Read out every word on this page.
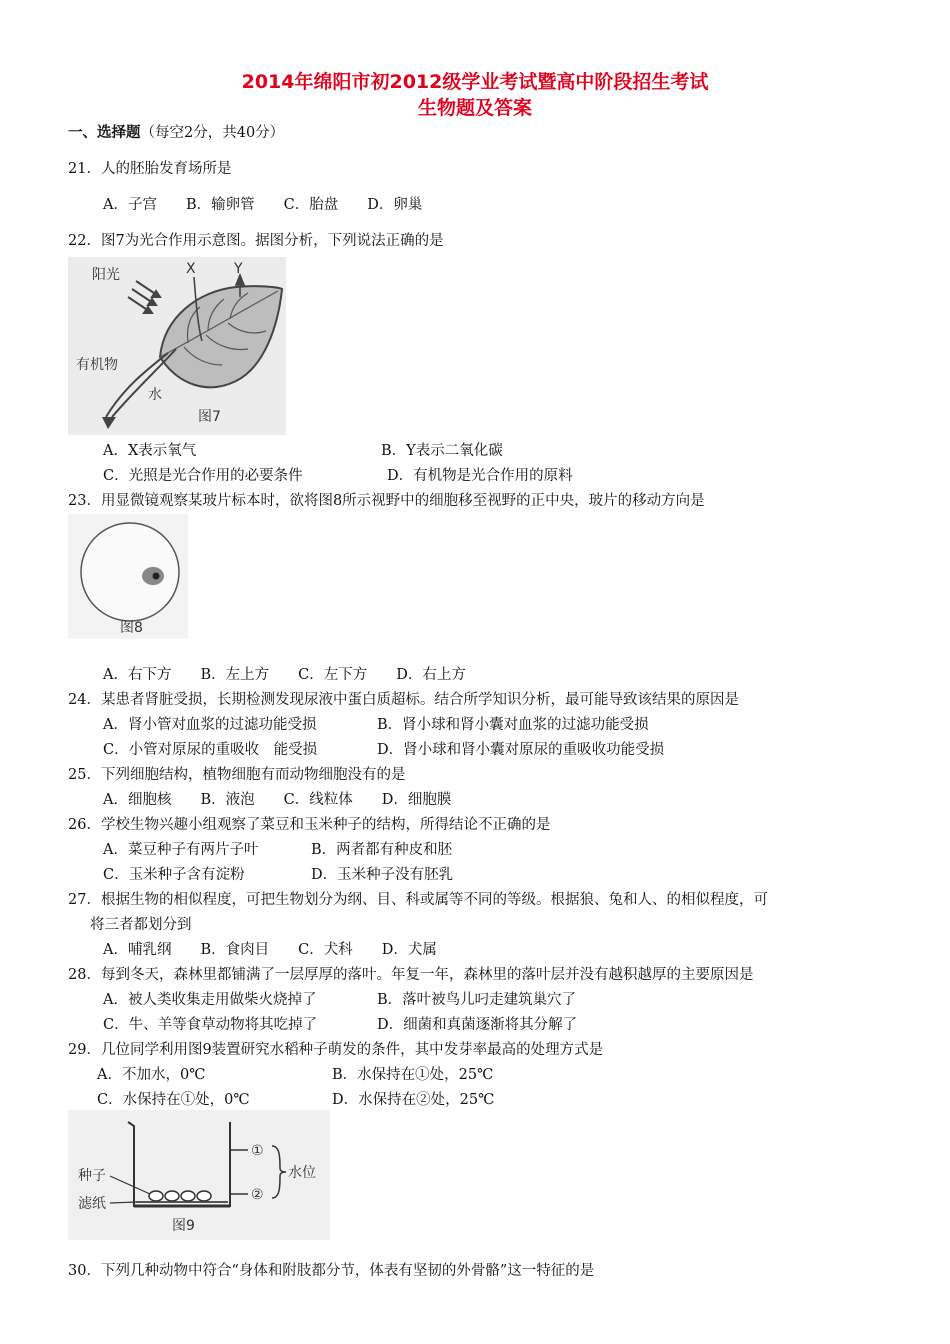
2014年绵阳市初2012级学业考试暨高中阶段招生考试
生物题及答案
一、选择题（每空2分，共40分）
21．人的胚胎发育场所是
A．子宫　　B．输卵管　　C．胎盘　　D．卵巢
22．图7为光合作用示意图。据图分析，下列说法正确的是
阳光	X	Y
有机物
水
图7
A．X表示氧气	B．Y表示二氧化碳
C．光照是光合作用的必要条件	D．有机物是光合作用的原料
23．用显微镜观察某玻片标本时，欲将图8所示视野中的细胞移至视野的正中央，玻片的移动方向是
图8
A．右下方　　B．左上方　　C．左下方　　D．右上方
24．某患者肾脏受损，长期检测发现尿液中蛋白质超标。结合所学知识分析，最可能导致该结果的原因是
A．肾小管对血浆的过滤功能受损	B．肾小球和肾小囊对血浆的过滤功能受损
C．小管对原尿的重吸收　能受损	D．肾小球和肾小囊对原尿的重吸收功能受损
25．下列细胞结构，植物细胞有而动物细胞没有的是
A．细胞核　　B．液泡　　C．线粒体　　D．细胞膜
26．学校生物兴趣小组观察了菜豆和玉米种子的结构，所得结论不正确的是
A．菜豆种子有两片子叶	B．两者都有种皮和胚
C．玉米种子含有淀粉	D．玉米种子没有胚乳
27．根据生物的相似程度，可把生物划分为纲、目、科或属等不同的等级。根据狼、兔和人、的相似程度，可
将三者都划分到
A．哺乳纲　　B．食肉目　　C．犬科　　D．犬属
28．每到冬天，森林里都铺满了一层厚厚的落叶。年复一年，森林里的落叶层并没有越积越厚的主要原因是
A．被人类收集走用做柴火烧掉了	B．落叶被鸟儿叼走建筑巢穴了
C．牛、羊等食草动物将其吃掉了	D．细菌和真菌逐渐将其分解了
29．几位同学利用图9装置研究水稻种子萌发的条件，其中发芽率最高的处理方式是
A．不加水，0℃	B．水保持在①处，25℃
C．水保持在①处，0℃	D．水保持在②处，25℃
①
②
水位
种子
滤纸
图9
30．下列几种动物中符合“身体和附肢都分节，体表有坚韧的外骨骼”这一特征的是
